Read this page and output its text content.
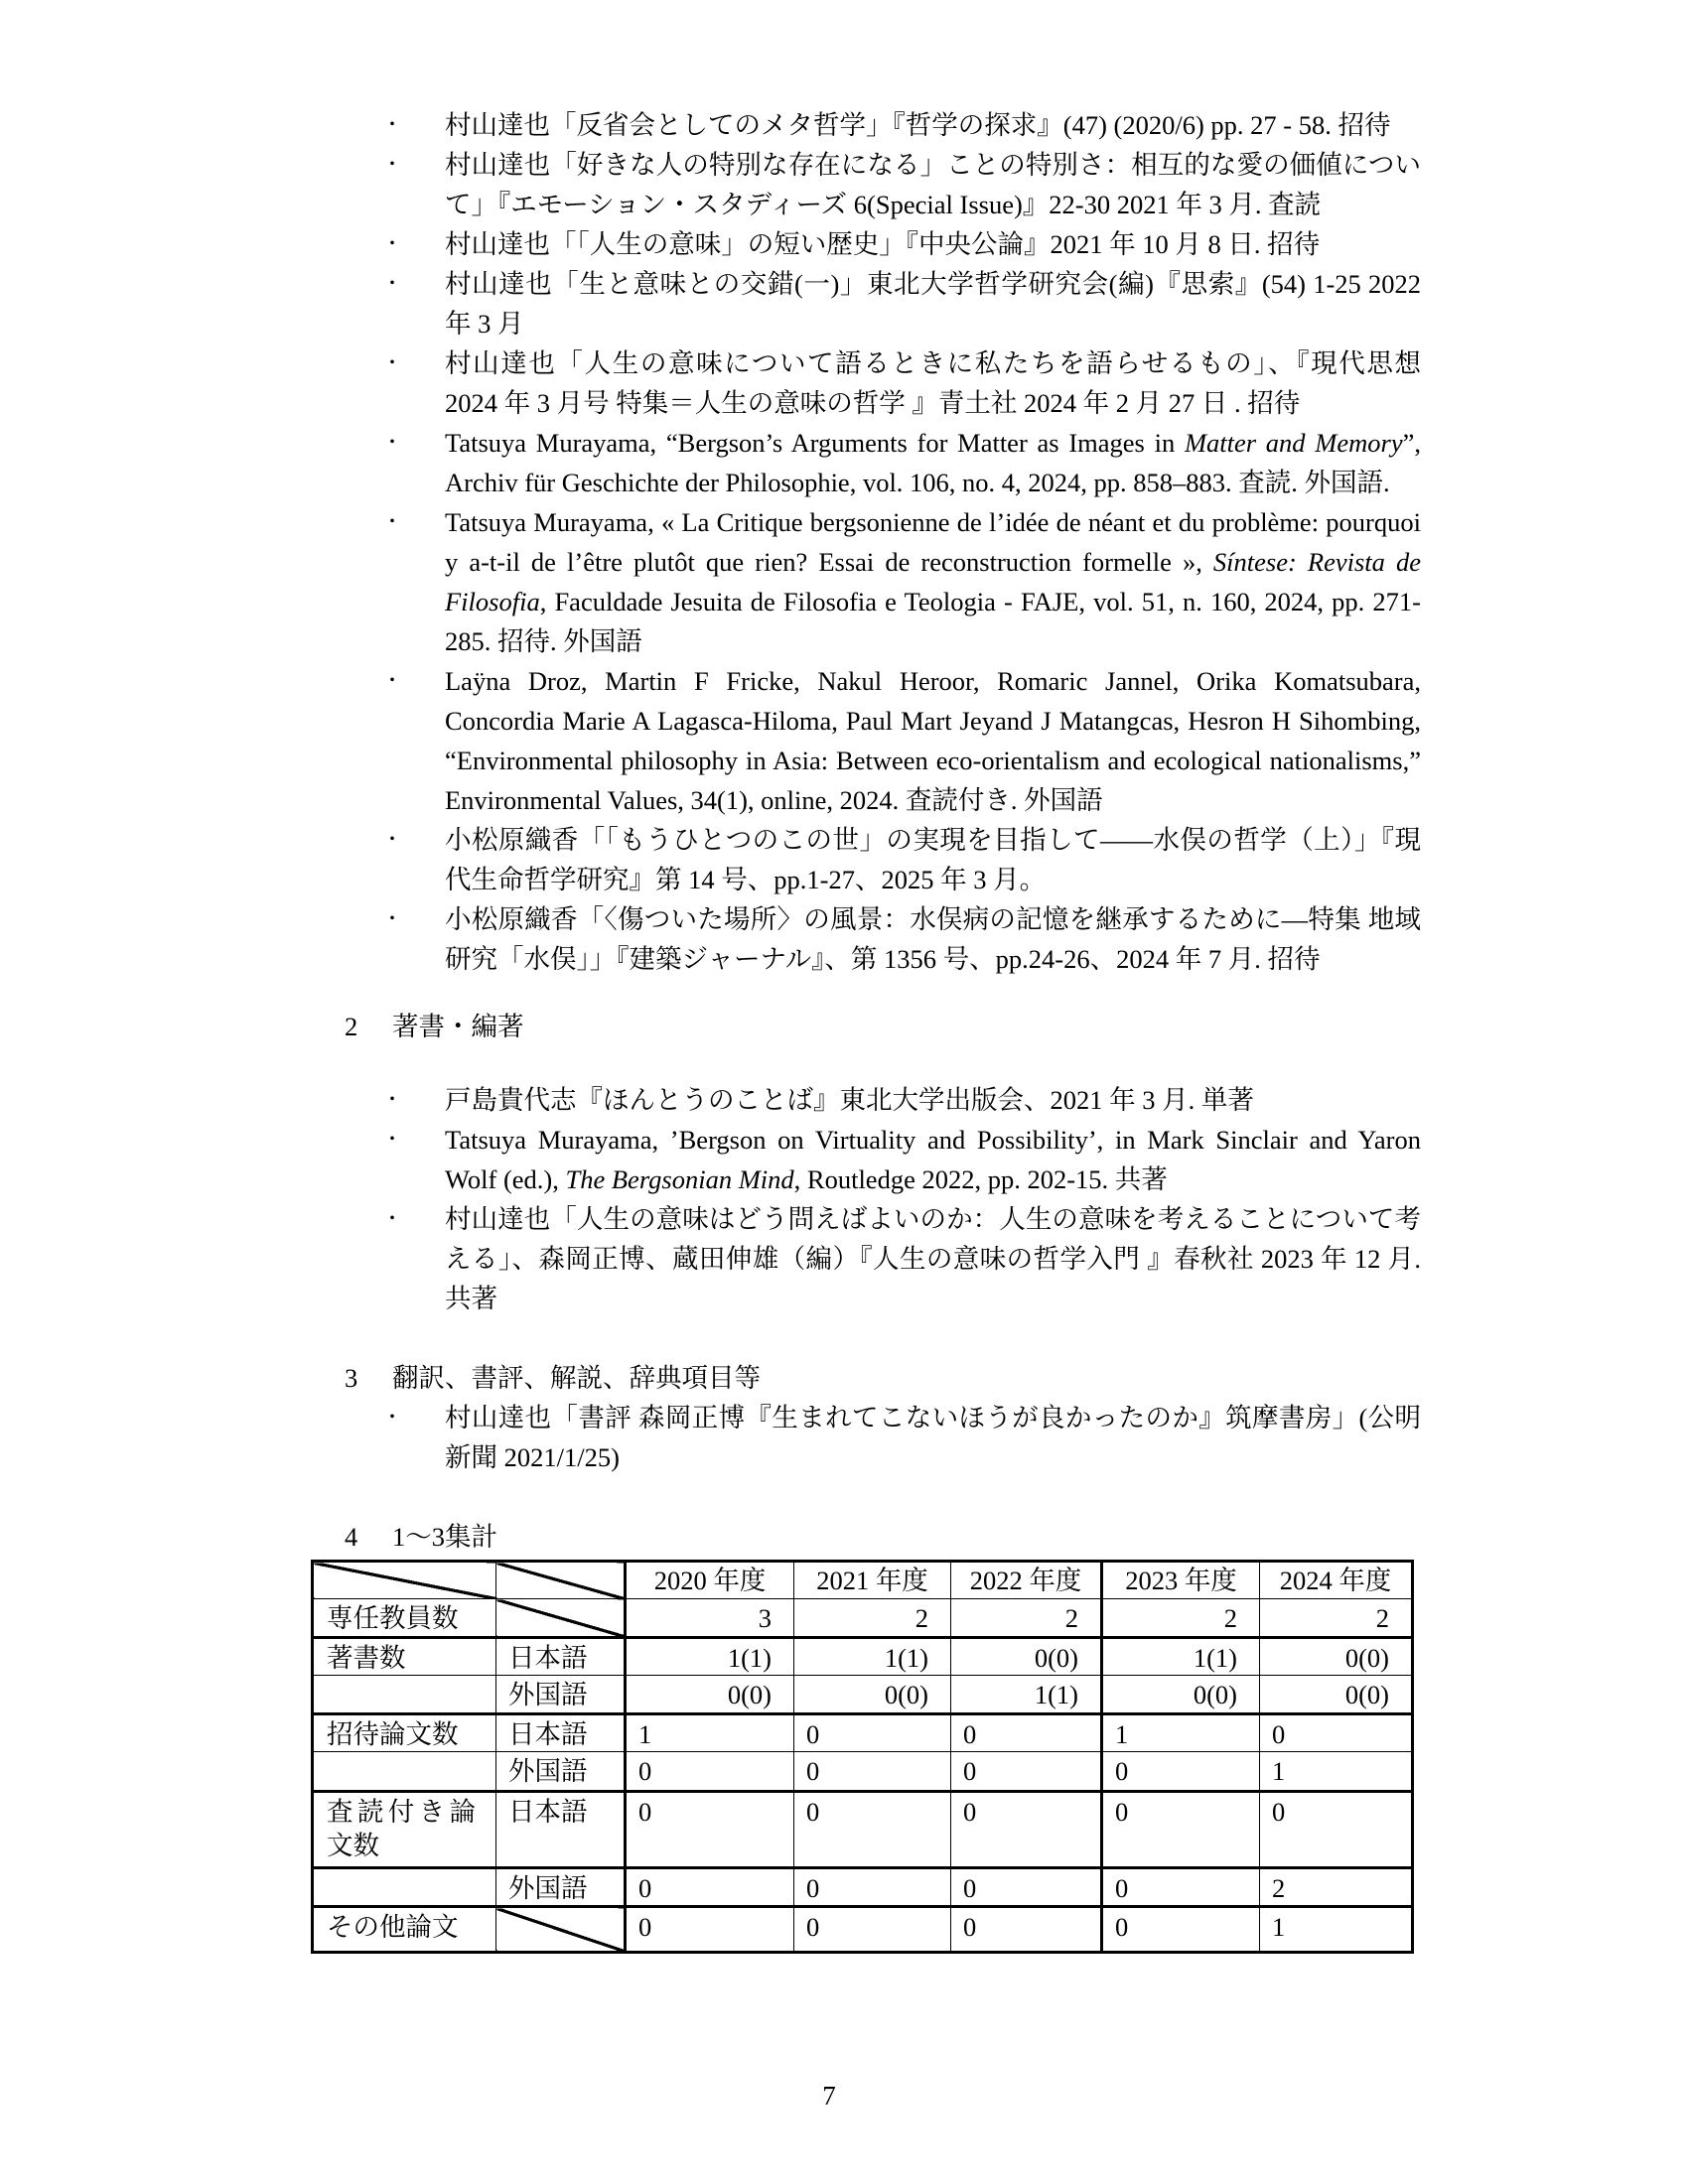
・ 村山達也「反省会としてのメタ哲学」『哲学の探求』(47) (2020/6) pp. 27 ‐ 58. 招待

・ 村山達也「好きな人の特別な存在になる」ことの特別さ：相互的な愛の価値について」『エモーション・スタディーズ 6(Special Issue)』22-30 2021 年 3 月. 査読

・ 村山達也「「人生の意味」の短い歴史」『中央公論』2021 年 10 月 8 日. 招待

・ 村山達也「生と意味との交錯(一)」東北大学哲学研究会(編)『思索』(54) 1-25 2022 年 3 月

・ 村山達也「人生の意味について語るときに私たちを語らせるもの」、『現代思想 2024 年 3 月号 特集＝人生の意味の哲学 』青土社 2024 年 2 月 27 日 . 招待

・ Tatsuya Murayama, “Bergson’s Arguments for Matter as Images in Matter and Memory”, Archiv für Geschichte der Philosophie, vol. 106, no. 4, 2024, pp. 858–883. 査読. 外国語.

・ Tatsuya Murayama, « La Critique bergsonienne de l’idée de néant et du problème: pourquoi y a-t-il de l’être plutôt que rien? Essai de reconstruction formelle », Síntese: Revista de Filosofia, Faculdade Jesuita de Filosofia e Teologia ‐ FAJE, vol. 51, n. 160, 2024, pp. 271‐285. 招待. 外国語

・ Laÿna Droz, Martin F Fricke, Nakul Heroor, Romaric Jannel, Orika Komatsubara, Concordia Marie A Lagasca-Hiloma, Paul Mart Jeyand J Matangcas, Hesron H Sihombing, “Environmental philosophy in Asia: Between eco-orientalism and ecological nationalisms,” Environmental Values, 34(1), online, 2024. 査読付き. 外国語

・ 小松原織香「「もうひとつのこの世」の実現を目指して――水俣の哲学（上）」『現代生命哲学研究』第 14 号、pp.1-27、2025 年 3 月。

・ 小松原織香「〈傷ついた場所〉の風景：水俣病の記憶を継承するために—特集 地域研究「水俣」」『建築ジャーナル』、第 1356 号、pp.24-26、2024 年 7 月. 招待

2 著書・編著

・ 戸島貴代志『ほんとうのことば』東北大学出版会、2021 年 3 月. 単著

・ Tatsuya Murayama, ’Bergson on Virtuality and Possibility’, in Mark Sinclair and Yaron Wolf (ed.), The Bergsonian Mind, Routledge 2022, pp. 202‐15. 共著

・ 村山達也「人生の意味はどう問えばよいのか：人生の意味を考えることについて考える」、森岡正博、蔵田伸雄（編）『人生の意味の哲学入門 』春秋社 2023 年 12 月. 共著

3 翻訳、書評、解説、辞典項目等

・ 村山達也「書評 森岡正博『生まれてこないほうが良かったのか』筑摩書房」(公明新聞 2021/1/25)

4 1～3集計
		2020 年度	2021 年度	2022 年度	2023 年度	2024 年度
専任教員数		3	2	2	2	2
著書数	日本語	1(1)	1(1)	0(0)	1(1)	0(0)
	外国語	0(0)	0(0)	1(1)	0(0)	0(0)
招待論文数	日本語	1	0	0	1	0
	外国語	0	0	0	0	1
査読付き論文数	日本語	0	0	0	0	0
	外国語	0	0	0	0	2
その他論文		0	0	0	0	1
7
